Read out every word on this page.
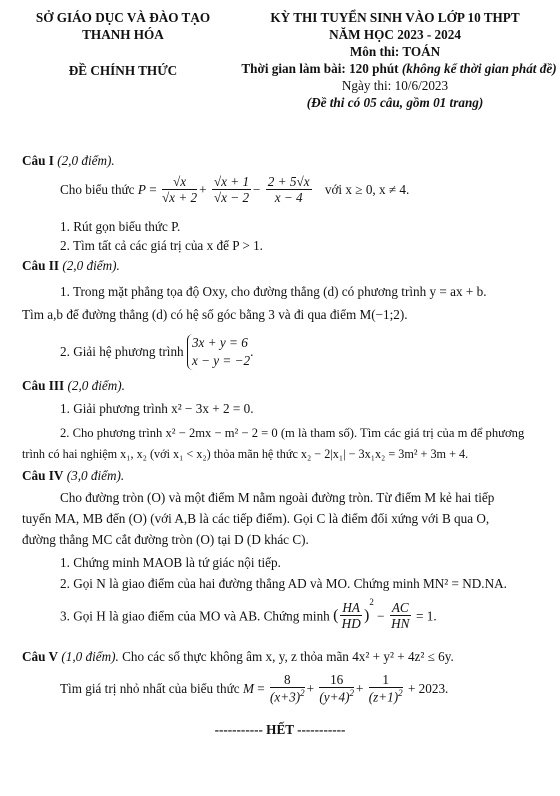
SỞ GIÁO DỤC VÀ ĐÀO TẠO
THANH HÓA
ĐỀ CHÍNH THỨC
KỲ THI TUYỂN SINH VÀO LỚP 10 THPT
NĂM HỌC 2023 - 2024
Môn thi: TOÁN
Thời gian làm bài: 120 phút (không kể thời gian phát đề)
Ngày thi: 10/6/2023
(Đề thi có 05 câu, gồm 01 trang)
Câu I (2,0 điểm).
Cho biểu thức $P = \frac{√x}{√x + 2} + \frac{√x + 1}{√x - 2} - \frac{2 + 5√x}{x - 4}$ với x ≥ 0, x ≠ 4.
1. Rút gọn biểu thức P.
2. Tìm tất cả các giá trị của x để P > 1.
Câu II (2,0 điểm).
1. Trong mặt phẳng tọa độ Oxy, cho đường thẳng (d) có phương trình y = ax + b.
Tìm a,b để đường thẳng (d) có hệ số góc bằng 3 và đi qua điểm M(−1;2).
2. Giải hệ phương trình
3x + y = 6
x − y = −2
.
Câu III (2,0 điểm).
1. Giải phương trình x² − 3x + 2 = 0.
2. Cho phương trình x² − 2mx − m² − 2 = 0 (m là tham số). Tìm các giá trị của m để phương
trình có hai nghiệm x₁, x₂ (với x₁ < x₂) thỏa mãn hệ thức x₂ − 2|x₁| − 3x₁x₂ = 3m² + 3m + 4.
Câu IV (3,0 điểm).
Cho đường tròn (O) và một điểm M nằm ngoài đường tròn. Từ điểm M kẻ hai tiếp
tuyến MA, MB đến (O) (với A,B là các tiếp điểm). Gọi C là điểm đối xứng với B qua O,
đường thẳng MC cắt đường tròn (O) tại D (D khác C).
1. Chứng minh MAOB là tứ giác nội tiếp.
2. Gọi N là giao điểm của hai đường thẳng AD và MO. Chứng minh MN² = ND.NA.
3. Gọi H là giao điểm của MO và AB. Chứng minh ( $\frac{HA}{HD} )^2 - \frac{AC}{HN} = 1$.
Câu V (1,0 điểm). Cho các số thực không âm x, y, z thỏa mãn 4x² + y² + 4z² ≤ 6y.
Tìm giá trị nhỏ nhất của biểu thức $M = \frac{8}{(x+3)^2} + \frac{16}{(y+4)^2} + \frac{1}{(z+1)^2} + 2023$.
----------- HẾT -----------
